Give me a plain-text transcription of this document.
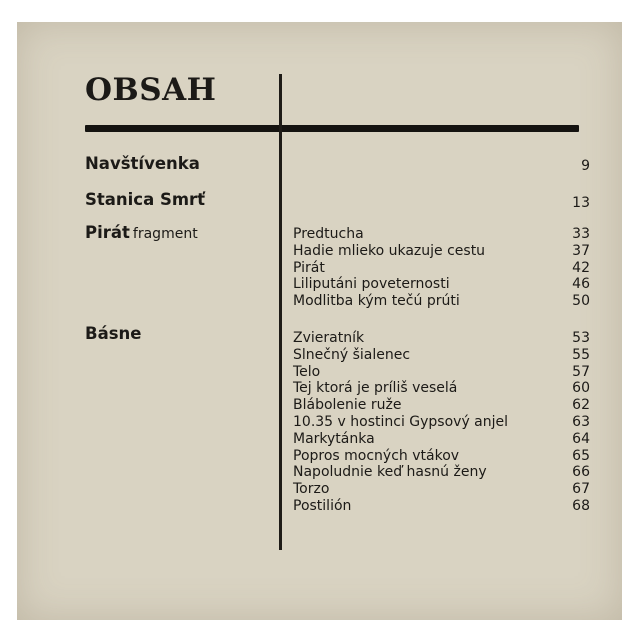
OBSAH
Navštívenka	9
Stanica Smrť	13
Pirát fragment	Predtucha	33
Hadie mlieko ukazuje cestu	37
Pirát	42
Liliputáni poveternosti	46
Modlitba kým tečú prúti	50
Básne	Zvieratník	53
Slnečný šialenec	55
Telo	57
Tej ktorá je príliš veselá	60
Blábolenie ruže	62
10.35 v hostinci Gypsový anjel	63
Markytánka	64
Popros mocných vtákov	65
Napoludnie keď hasnú ženy	66
Torzo	67
Postilión	68
